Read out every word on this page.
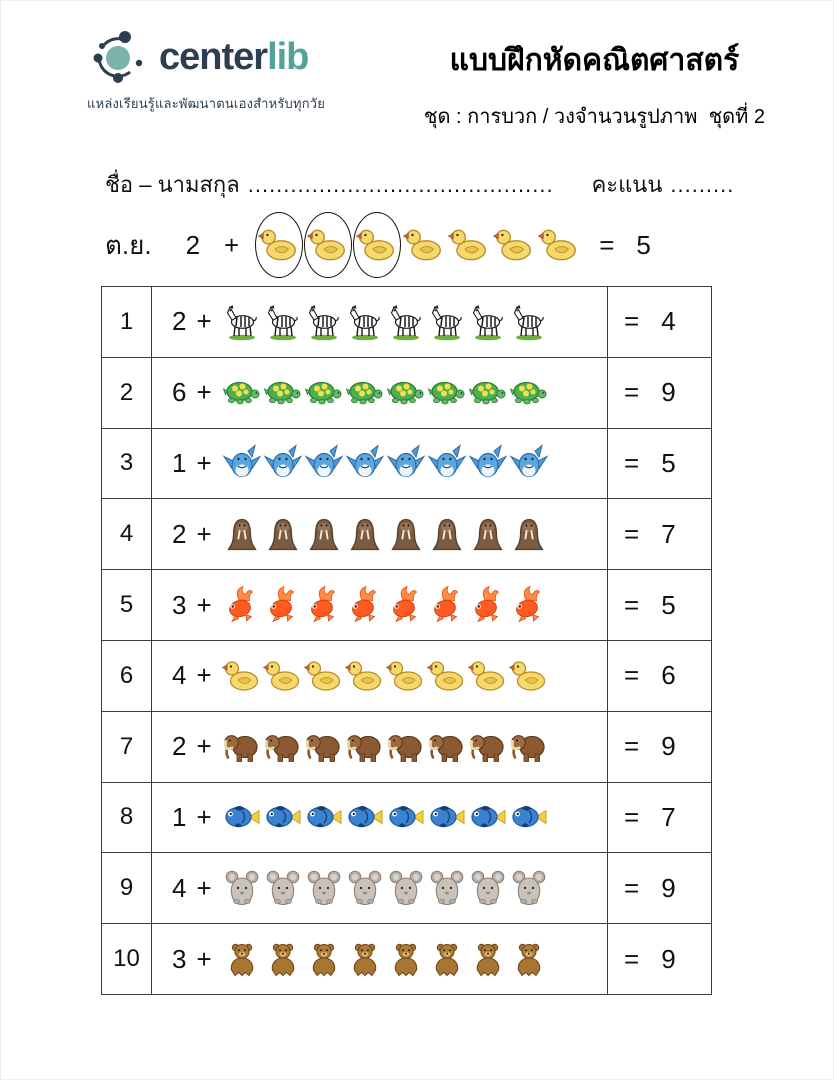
centerlib
แหล่งเรียนรู้และพัฒนาตนเองสำหรับทุกวัย
แบบฝึกหัดคณิตศาสตร์
ชุด : การบวก / วงจำนวนรูปภาพ  ชุดที่ 2
ชื่อ – นามสกุล ........................................... คะแนน .........
ต.ย. 2 +	= 5
1	2 +	= 4
2	6 +	= 9
3	1 +	= 5
4	2 +	= 7
5	3 +	= 5
6	4 +	= 6
7	2 +	= 9
8	1 +	= 7
9	4 +	= 9
10	3 +	= 9
